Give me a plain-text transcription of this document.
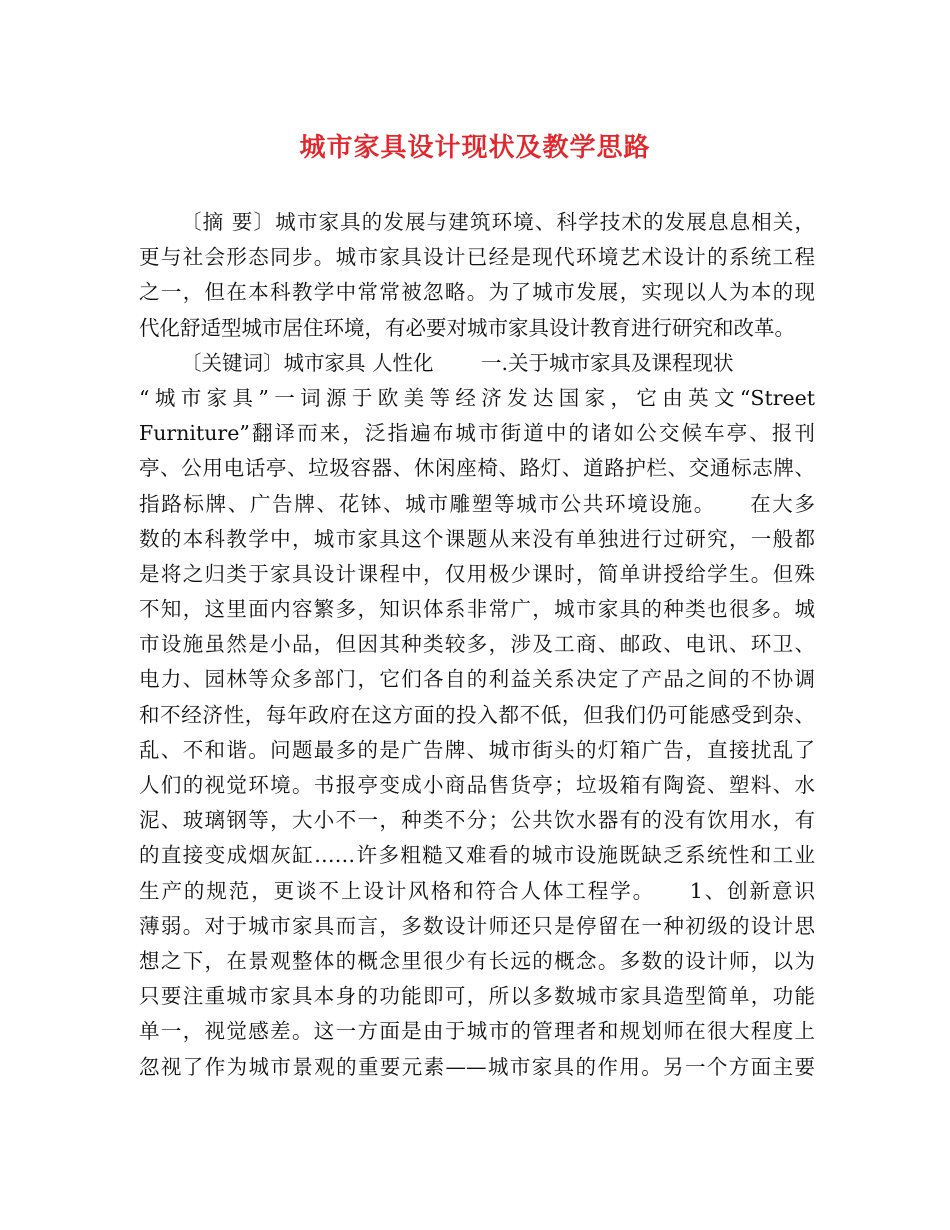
城市家具设计现状及教学思路
〔摘 要〕城市家具的发展与建筑环境、科学技术的发展息息相关，
更与社会形态同步。城市家具设计已经是现代环境艺术设计的系统工程
之一，但在本科教学中常常被忽略。为了城市发展，实现以人为本的现
代化舒适型城市居住环境，有必要对城市家具设计教育进行研究和改革。
〔关键词〕城市家具 人性化 　　一.关于城市家具及课程现状
“城市家具”一词源于欧美等经济发达国家，它由英文“Street
Furniture”翻译而来，泛指遍布城市街道中的诸如公交候车亭、报刊
亭、公用电话亭、垃圾容器、休闲座椅、路灯、道路护栏、交通标志牌、
指路标牌、广告牌、花钵、城市雕塑等城市公共环境设施。　　在大多
数的本科教学中，城市家具这个课题从来没有单独进行过研究，一般都
是将之归类于家具设计课程中，仅用极少课时，简单讲授给学生。但殊
不知，这里面内容繁多，知识体系非常广，城市家具的种类也很多。城
市设施虽然是小品，但因其种类较多，涉及工商、邮政、电讯、环卫、
电力、园林等众多部门，它们各自的利益关系决定了产品之间的不协调
和不经济性，每年政府在这方面的投入都不低，但我们仍可能感受到杂、
乱、不和谐。问题最多的是广告牌、城市街头的灯箱广告，直接扰乱了
人们的视觉环境。书报亭变成小商品售货亭；垃圾箱有陶瓷、塑料、水
泥、玻璃钢等，大小不一，种类不分；公共饮水器有的没有饮用水，有
的直接变成烟灰缸……许多粗糙又难看的城市设施既缺乏系统性和工业
生产的规范，更谈不上设计风格和符合人体工程学。　　1、创新意识
薄弱。对于城市家具而言，多数设计师还只是停留在一种初级的设计思
想之下，在景观整体的概念里很少有长远的概念。多数的设计师，以为
只要注重城市家具本身的功能即可，所以多数城市家具造型简单，功能
单一，视觉感差。这一方面是由于城市的管理者和规划师在很大程度上
忽视了作为城市景观的重要元素——城市家具的作用。另一个方面主要
